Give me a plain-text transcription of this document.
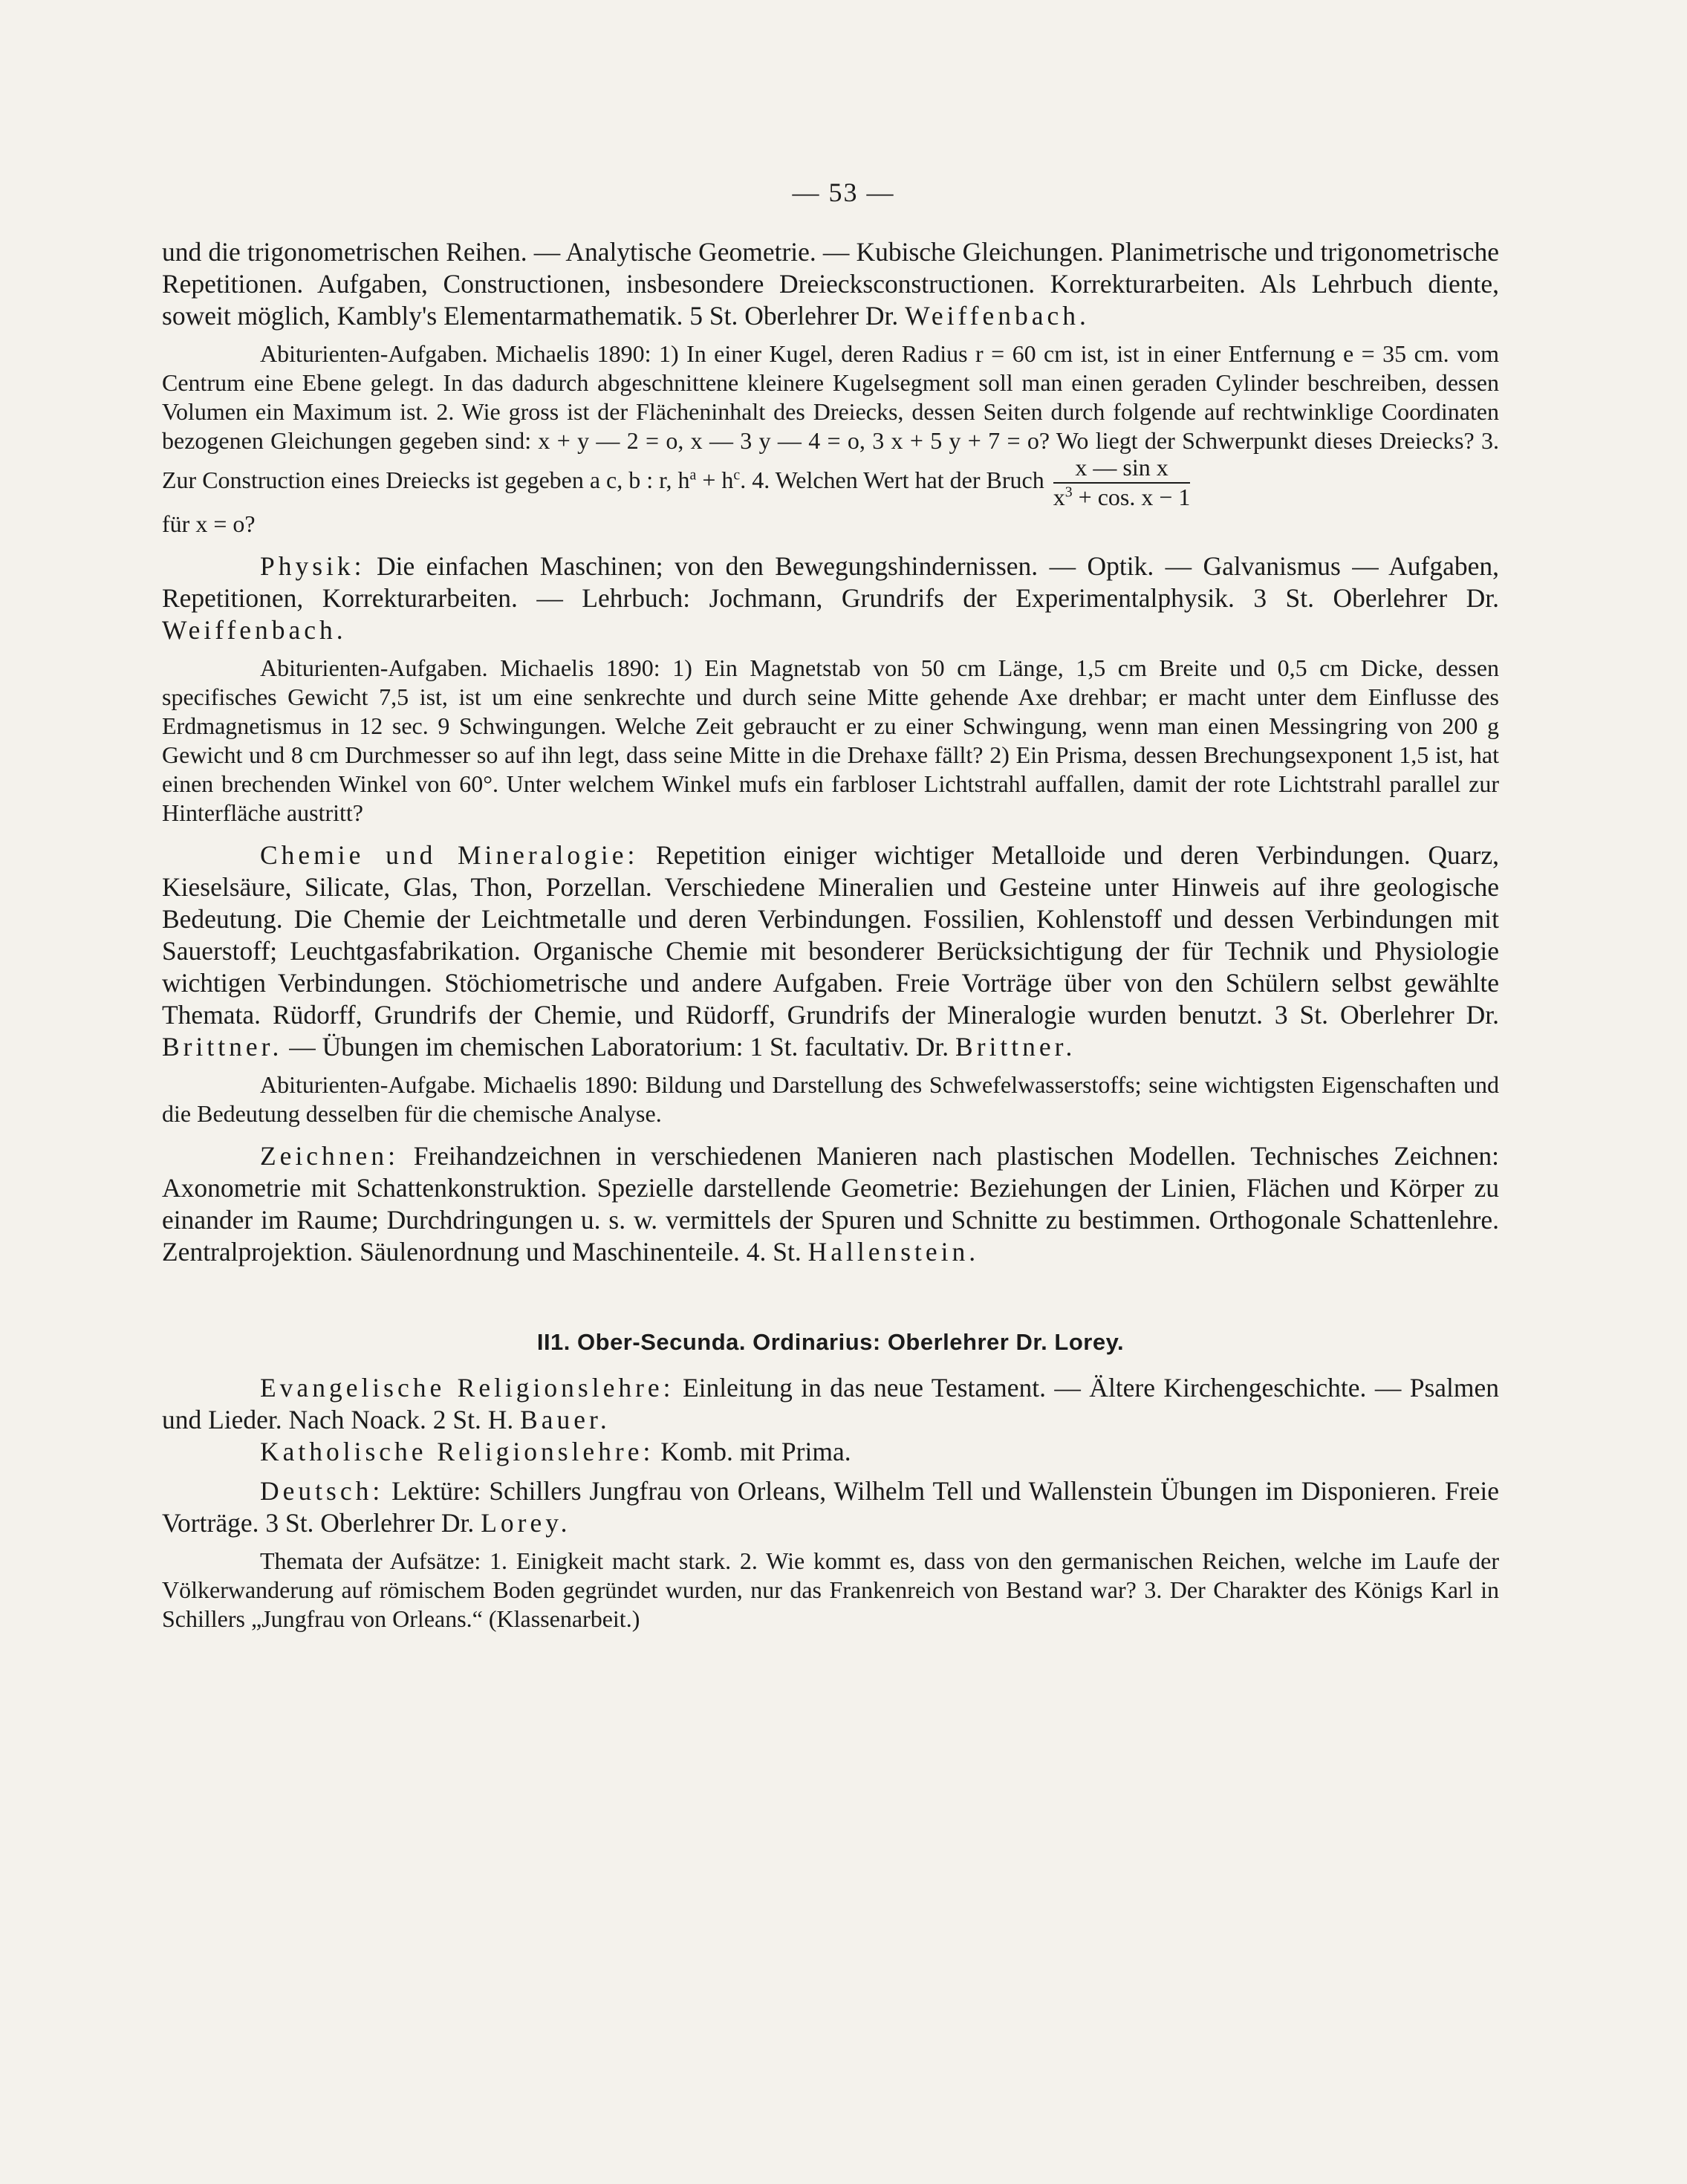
— 53 —

und die trigonometrischen Reihen. — Analytische Geometrie. — Kubische Gleichungen. Planimetrische und trigonometrische Repetitionen. Aufgaben, Constructionen, insbesondere Dreiecksconstructionen. Korrekturarbeiten. Als Lehrbuch diente, soweit möglich, Kambly's Elementarmathematik. 5 St. Oberlehrer Dr. Weiffenbach.

Abiturienten-Aufgaben. Michaelis 1890: 1) In einer Kugel, deren Radius r = 60 cm ist, ist in einer Entfernung e = 35 cm. vom Centrum eine Ebene gelegt. In das dadurch abgeschnittene kleinere Kugelsegment soll man einen geraden Cylinder beschreiben, dessen Volumen ein Maximum ist. 2. Wie gross ist der Flächeninhalt des Dreiecks, dessen Seiten durch folgende auf rechtwinklige Coordinaten bezogenen Gleichungen gegeben sind: x + y — 2 = o, x — 3 y — 4 = o, 3 x + 5 y + 7 = o? Wo liegt der Schwerpunkt dieses Dreiecks? 3. Zur Construction eines Dreiecks ist gegeben a c, b : r, $h^a + h^c$. 4. Welchen Wert hat der Bruch $\frac{\text{x — sin x}}{x^3 + \cos. x - 1}$

für x = o?

Physik: Die einfachen Maschinen; von den Bewegungshindernissen. — Optik. — Galvanismus — Aufgaben, Repetitionen, Korrekturarbeiten. — Lehrbuch: Jochmann, Grundrifs der Experimentalphysik. 3 St. Oberlehrer Dr. Weiffenbach.

Abiturienten-Aufgaben. Michaelis 1890: 1) Ein Magnetstab von 50 cm Länge, 1,5 cm Breite und 0,5 cm Dicke, dessen specifisches Gewicht 7,5 ist, ist um eine senkrechte und durch seine Mitte gehende Axe drehbar; er macht unter dem Einflusse des Erdmagnetismus in 12 sec. 9 Schwingungen. Welche Zeit gebraucht er zu einer Schwingung, wenn man einen Messingring von 200 g Gewicht und 8 cm Durchmesser so auf ihn legt, dass seine Mitte in die Drehaxe fällt? 2) Ein Prisma, dessen Brechungsexponent 1,5 ist, hat einen brechenden Winkel von 60°. Unter welchem Winkel mufs ein farbloser Lichtstrahl auffallen, damit der rote Lichtstrahl parallel zur Hinterfläche austritt?

Chemie und Mineralogie: Repetition einiger wichtiger Metalloide und deren Verbindungen. Quarz, Kieselsäure, Silicate, Glas, Thon, Porzellan. Verschiedene Mineralien und Gesteine unter Hinweis auf ihre geologische Bedeutung. Die Chemie der Leichtmetalle und deren Verbindungen. Fossilien, Kohlenstoff und dessen Verbindungen mit Sauerstoff; Leuchtgasfabrikation. Organische Chemie mit besonderer Berücksichtigung der für Technik und Physiologie wichtigen Verbindungen. Stöchiometrische und andere Aufgaben. Freie Vorträge über von den Schülern selbst gewählte Themata. Rüdorff, Grundrifs der Chemie, und Rüdorff, Grundrifs der Mineralogie wurden benutzt. 3 St. Oberlehrer Dr. Brittner. — Übungen im chemischen Laboratorium: 1 St. facultativ. Dr. Brittner.

Abiturienten-Aufgabe. Michaelis 1890: Bildung und Darstellung des Schwefelwasserstoffs; seine wichtigsten Eigenschaften und die Bedeutung desselben für die chemische Analyse.

Zeichnen: Freihandzeichnen in verschiedenen Manieren nach plastischen Modellen. Technisches Zeichnen: Axonometrie mit Schattenkonstruktion. Spezielle darstellende Geometrie: Beziehungen der Linien, Flächen und Körper zu einander im Raume; Durchdringungen u. s. w. vermittels der Spuren und Schnitte zu bestimmen. Orthogonale Schattenlehre. Zentralprojektion. Säulenordnung und Maschinenteile. 4. St. Hallenstein.

II1. Ober-Secunda. Ordinarius: Oberlehrer Dr. Lorey.

Evangelische Religionslehre: Einleitung in das neue Testament. — Ältere Kirchengeschichte. — Psalmen und Lieder. Nach Noack. 2 St. H. Bauer.

Katholische Religionslehre: Komb. mit Prima.

Deutsch: Lektüre: Schillers Jungfrau von Orleans, Wilhelm Tell und Wallenstein Übungen im Disponieren. Freie Vorträge. 3 St. Oberlehrer Dr. Lorey.

Themata der Aufsätze: 1. Einigkeit macht stark. 2. Wie kommt es, dass von den germanischen Reichen, welche im Laufe der Völkerwanderung auf römischem Boden gegründet wurden, nur das Frankenreich von Bestand war? 3. Der Charakter des Königs Karl in Schillers „Jungfrau von Orleans.“ (Klassenarbeit.)
